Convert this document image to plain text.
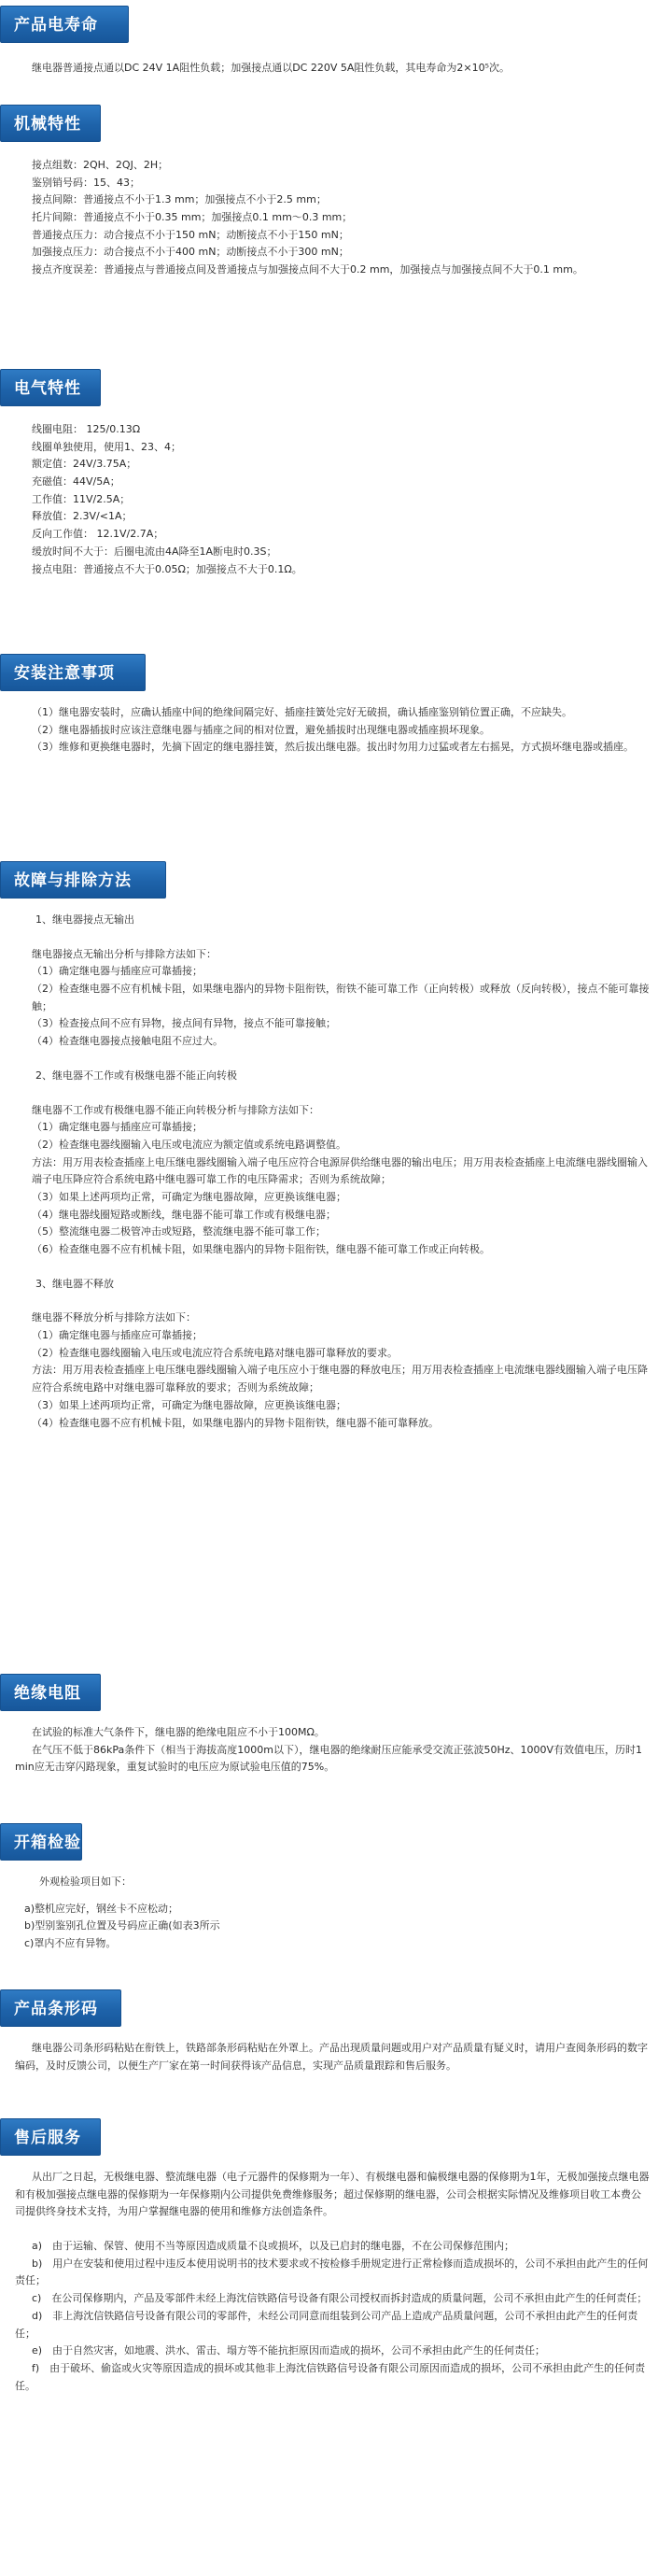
产品电寿命

继电器普通接点通以DC 24V 1A阻性负载；加强接点通以DC 220V 5A阻性负载，其电寿命为2×10⁵次。

机械特性

接点组数：2QH、2QJ、2H；

鉴别销号码：15、43；

接点间隙：普通接点不小于1.3 mm；加强接点不小于2.5 mm；

托片间隙：普通接点不小于0.35 mm；加强接点0.1 mm～0.3 mm；

普通接点压力：动合接点不小于150 mN；动断接点不小于150 mN；

加强接点压力：动合接点不小于400 mN；动断接点不小于300 mN；

接点齐度误差：普通接点与普通接点间及普通接点与加强接点间不大于0.2 mm，加强接点与加强接点间不大于0.1 mm。

电气特性

线圈电阻： 125/0.13Ω

线圈单独使用，使用1、23、4；

额定值：24V/3.75A；

充磁值：44V/5A；

工作值：11V/2.5A；

释放值：2.3V/<1A；

反向工作值： 12.1V/2.7A；

缓放时间不大于：后圈电流由4A降至1A断电时0.3S；

接点电阻：普通接点不大于0.05Ω；加强接点不大于0.1Ω。

安装注意事项

（1）继电器安装时，应确认插座中间的绝缘间隔完好、插座挂簧处完好无破损，确认插座鉴别销位置正确，不应缺失。

（2）继电器插拔时应该注意继电器与插座之间的相对位置，避免插拔时出现继电器或插座损坏现象。

（3）维修和更换继电器时，先摘下固定的继电器挂簧，然后拔出继电器。拔出时勿用力过猛或者左右摇晃，方式损坏继电器或插座。

故障与排除方法

1、继电器接点无输出

继电器接点无输出分析与排除方法如下：

（1）确定继电器与插座应可靠插接；

（2）检查继电器不应有机械卡阻，如果继电器内的异物卡阻衔铁，衔铁不能可靠工作（正向转极）或释放（反向转极），接点不能可靠接触；

（3）检查接点间不应有异物，接点间有异物，接点不能可靠接触；

（4）检查继电器接点接触电阻不应过大。

2、继电器不工作或有极继电器不能正向转极

继电器不工作或有极继电器不能正向转极分析与排除方法如下：

（1）确定继电器与插座应可靠插接；

（2）检查继电器线圈输入电压或电流应为额定值或系统电路调整值。

方法：用万用表检查插座上电压继电器线圈输入端子电压应符合电源屏供给继电器的输出电压；用万用表检查插座上电流继电器线圈输入端子电压降应符合系统电路中继电器可靠工作的电压降需求；否则为系统故障；

（3）如果上述两项均正常，可确定为继电器故障，应更换该继电器；

（4）继电器线圈短路或断线，继电器不能可靠工作或有极继电器；

（5）整流继电器二极管冲击或短路，整流继电器不能可靠工作；

（6）检查继电器不应有机械卡阻，如果继电器内的异物卡阻衔铁，继电器不能可靠工作或正向转极。

3、继电器不释放

继电器不释放分析与排除方法如下：

（1）确定继电器与插座应可靠插接；

（2）检查继电器线圈输入电压或电流应符合系统电路对继电器可靠释放的要求。

方法：用万用表检查插座上电压继电器线圈输入端子电压应小于继电器的释放电压；用万用表检查插座上电流继电器线圈输入端子电压降应符合系统电路中对继电器可靠释放的要求；否则为系统故障；

（3）如果上述两项均正常，可确定为继电器故障，应更换该继电器；

（4）检查继电器不应有机械卡阻，如果继电器内的异物卡阻衔铁，继电器不能可靠释放。

绝缘电阻

在试验的标准大气条件下，继电器的绝缘电阻应不小于100MΩ。

在气压不低于86kPa条件下（相当于海拔高度1000m以下），继电器的绝缘耐压应能承受交流正弦波50Hz、1000V有效值电压，历时1min应无击穿闪路现象，重复试验时的电压应为原试验电压值的75%。

开箱检验

外观检验项目如下：

a)整机应完好，钢丝卡不应松动；

b)型别鉴别孔位置及号码应正确(如表3所示

c)罩内不应有异物。

产品条形码

继电器公司条形码粘贴在衔铁上，铁路部条形码粘贴在外罩上。产品出现质量问题或用户对产品质量有疑义时，请用户查阅条形码的数字编码，及时反馈公司，以便生产厂家在第一时间获得该产品信息，实现产品质量跟踪和售后服务。

售后服务

从出厂之日起，无极继电器、整流继电器（电子元器件的保修期为一年）、有极继电器和偏极继电器的保修期为1年，无极加强接点继电器和有极加强接点继电器的保修期为一年保修期内公司提供免费维修服务；超过保修期的继电器，公司会根据实际情况及维修项目收工本费公司提供终身技术支持，为用户掌握继电器的使用和维修方法创造条件。

a)　由于运输、保管、使用不当等原因造成质量不良或损坏，以及已启封的继电器，不在公司保修范围内；

b)　用户在安装和使用过程中违反本使用说明书的技术要求或不按检修手册规定进行正常检修而造成损坏的，公司不承担由此产生的任何责任；

c)　在公司保修期内，产品及零部件未经上海沈信铁路信号设备有限公司授权而拆封造成的质量问题，公司不承担由此产生的任何责任；

d)　非上海沈信铁路信号设备有限公司的零部件，未经公司同意而组装到公司产品上造成产品质量问题，公司不承担由此产生的任何责任；

e)　由于自然灾害，如地震、洪水、雷击、塌方等不能抗拒原因而造成的损坏，公司不承担由此产生的任何责任；

f)　由于破坏、偷盗或火灾等原因造成的损坏或其他非上海沈信铁路信号设备有限公司原因而造成的损坏，公司不承担由此产生的任何责任。
